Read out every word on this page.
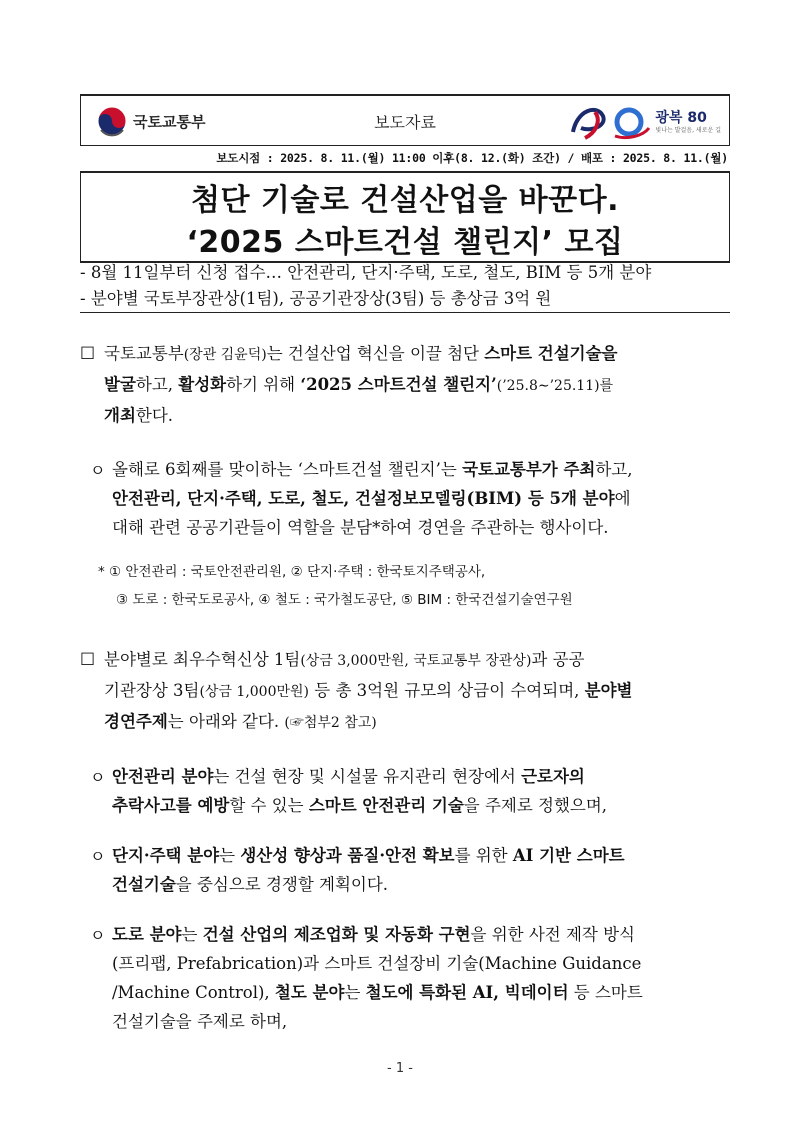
국토교통부	보도자료	광복 80
빛나는 발걸음, 새로운 길
보도시점 : 2025. 8. 11.(월) 11:00 이후(8. 12.(화) 조간) / 배포 : 2025. 8. 11.(월)
첨단 기술로 건설산업을 바꾼다.
‘2025 스마트건설 챌린지’ 모집
- 8월 11일부터 신청 접수… 안전관리, 단지·주택, 도로, 철도, BIM 등 5개 분야
- 분야별 국토부장관상(1팀), 공공기관장상(3팀) 등 총상금 3억 원
□ 국토교통부(장관 김윤덕)는 건설산업 혁신을 이끌 첨단 스마트 건설기술을
발굴하고, 활성화하기 위해 ‘2025 스마트건설 챌린지’(’25.8∼’25.11)를
개최한다.
ㅇ 올해로 6회째를 맞이하는 ‘스마트건설 챌린지’는 국토교통부가 주최하고,
안전관리, 단지·주택, 도로, 철도, 건설정보모델링(BIM) 등 5개 분야에
대해 관련 공공기관들이 역할을 분담*하여 경연을 주관하는 행사이다.
* ① 안전관리 : 국토안전관리원, ② 단지·주택 : 한국토지주택공사,
③ 도로 : 한국도로공사, ④ 철도 : 국가철도공단, ⑤ BIM : 한국건설기술연구원
□ 분야별로 최우수혁신상 1팀(상금 3,000만원, 국토교통부 장관상)과 공공
기관장상 3팀(상금 1,000만원) 등 총 3억원 규모의 상금이 수여되며, 분야별
경연주제는 아래와 같다. (☞첨부2 참고)
ㅇ 안전관리 분야는 건설 현장 및 시설물 유지관리 현장에서 근로자의
추락사고를 예방할 수 있는 스마트 안전관리 기술을 주제로 정했으며,
ㅇ 단지·주택 분야는 생산성 향상과 품질·안전 확보를 위한 AI 기반 스마트
건설기술을 중심으로 경쟁할 계획이다.
ㅇ 도로 분야는 건설 산업의 제조업화 및 자동화 구현을 위한 사전 제작 방식
(프리팹, Prefabrication)과 스마트 건설장비 기술(Machine Guidance
/Machine Control), 철도 분야는 철도에 특화된 AI, 빅데이터 등 스마트
건설기술을 주제로 하며,
- 1 -
